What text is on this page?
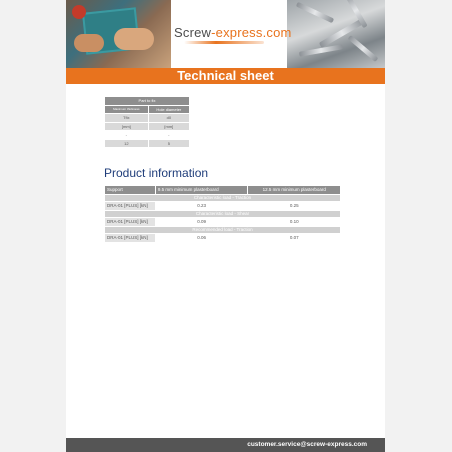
Screw-express.com
Technical sheet
Part to fix	
Maximum thickness	Hole diameter
Tfix	d0
[mm]	[mm]
-	-
12	5
Product information
Support	9.5 mm minimum plasterboard	12.5 mm minimum plasterboard
Characteristic load - Traction		
DRA-01 [PLUS] [kN]	0.23	0.25
Characteristic load - Shear		
DRA-01 [PLUS] [kN]	0.09	0.10
Recommended load - Traction		
DRA-01 [PLUS] [kN]	0.06	0.07
customer.service@screw-express.com
